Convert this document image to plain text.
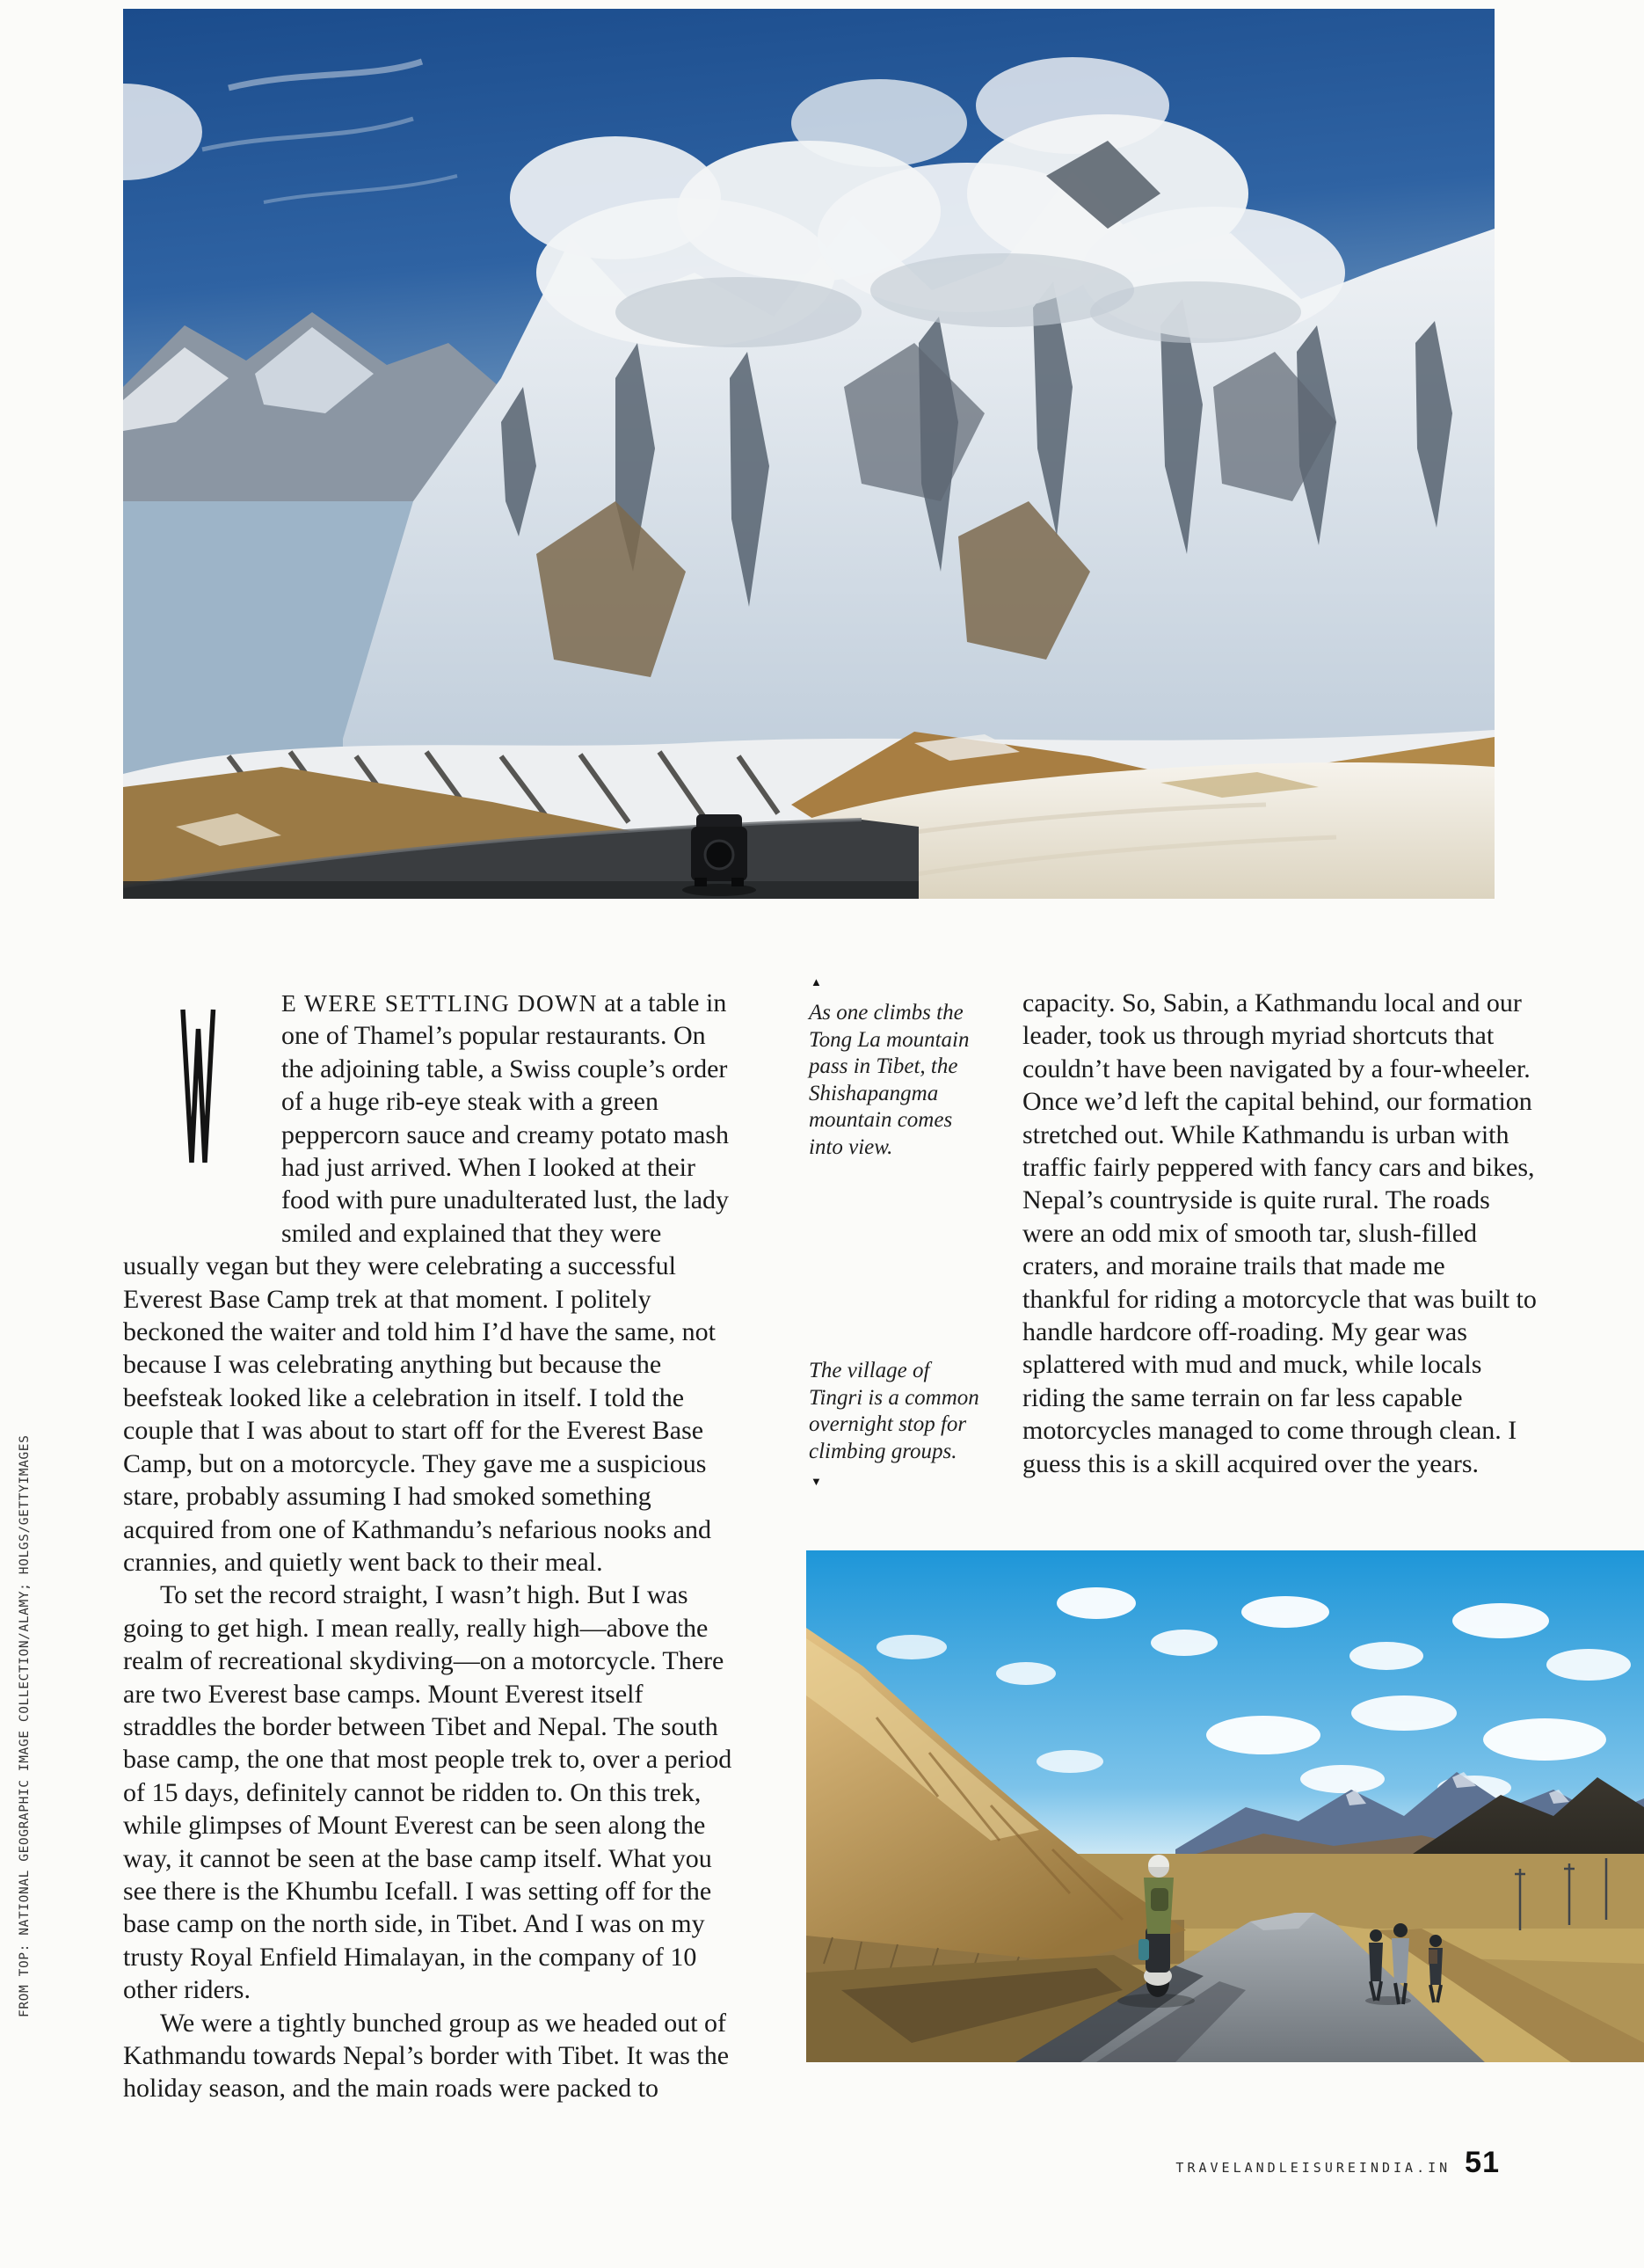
FROM TOP: NATIONAL GEOGRAPHIC IMAGE COLLECTION/ALAMY; HOLGS/GETTYIMAGES

E WERE SETTLING DOWN at a table in one of Thamel’s popular restaurants. On the adjoining table, a Swiss couple’s order of a huge rib-eye steak with a green peppercorn sauce and creamy potato mash had just arrived. When I looked at their food with pure unadulterated lust, the lady smiled and explained that they were usually vegan but they were celebrating a successful Everest Base Camp trek at that moment. I politely beckoned the waiter and told him I’d have the same, not because I was celebrating anything but because the beefsteak looked like a celebration in itself. I told the couple that I was about to start off for the Everest Base Camp, but on a motorcycle. They gave me a suspicious stare, probably assuming I had smoked something acquired from one of Kathmandu’s nefarious nooks and crannies, and quietly went back to their meal.

To set the record straight, I wasn’t high. But I was going to get high. I mean really, really high—above the realm of recreational skydiving—on a motorcycle. There are two Everest base camps. Mount Everest itself straddles the border between Tibet and Nepal. The south base camp, the one that most people trek to, over a period of 15 days, definitely cannot be ridden to. On this trek, while glimpses of Mount Everest can be seen along the way, it cannot be seen at the base camp itself. What you see there is the Khumbu Icefall. I was setting off for the base camp on the north side, in Tibet. And I was on my trusty Royal Enfield Himalayan, in the company of 10 other riders.

We were a tightly bunched group as we headed out of Kathmandu towards Nepal’s border with Tibet. It was the holiday season, and the main roads were packed to

▲
As one climbs the Tong La mountain pass in Tibet, the Shishapangma mountain comes into view.
The village of Tingri is a common overnight stop for climbing groups.
▼

capacity. So, Sabin, a Kathmandu local and our leader, took us through myriad shortcuts that couldn’t have been navigated by a four-wheeler. Once we’d left the capital behind, our formation stretched out. While Kathmandu is urban with traffic fairly peppered with fancy cars and bikes, Nepal’s countryside is quite rural. The roads were an odd mix of smooth tar, slush-filled craters, and moraine trails that made me thankful for riding a motorcycle that was built to handle hardcore off-roading. My gear was splattered with mud and muck, while locals riding the same terrain on far less capable motorcycles managed to come through clean. I guess this is a skill acquired over the years.

TRAVELANDLEISUREINDIA.IN 51
